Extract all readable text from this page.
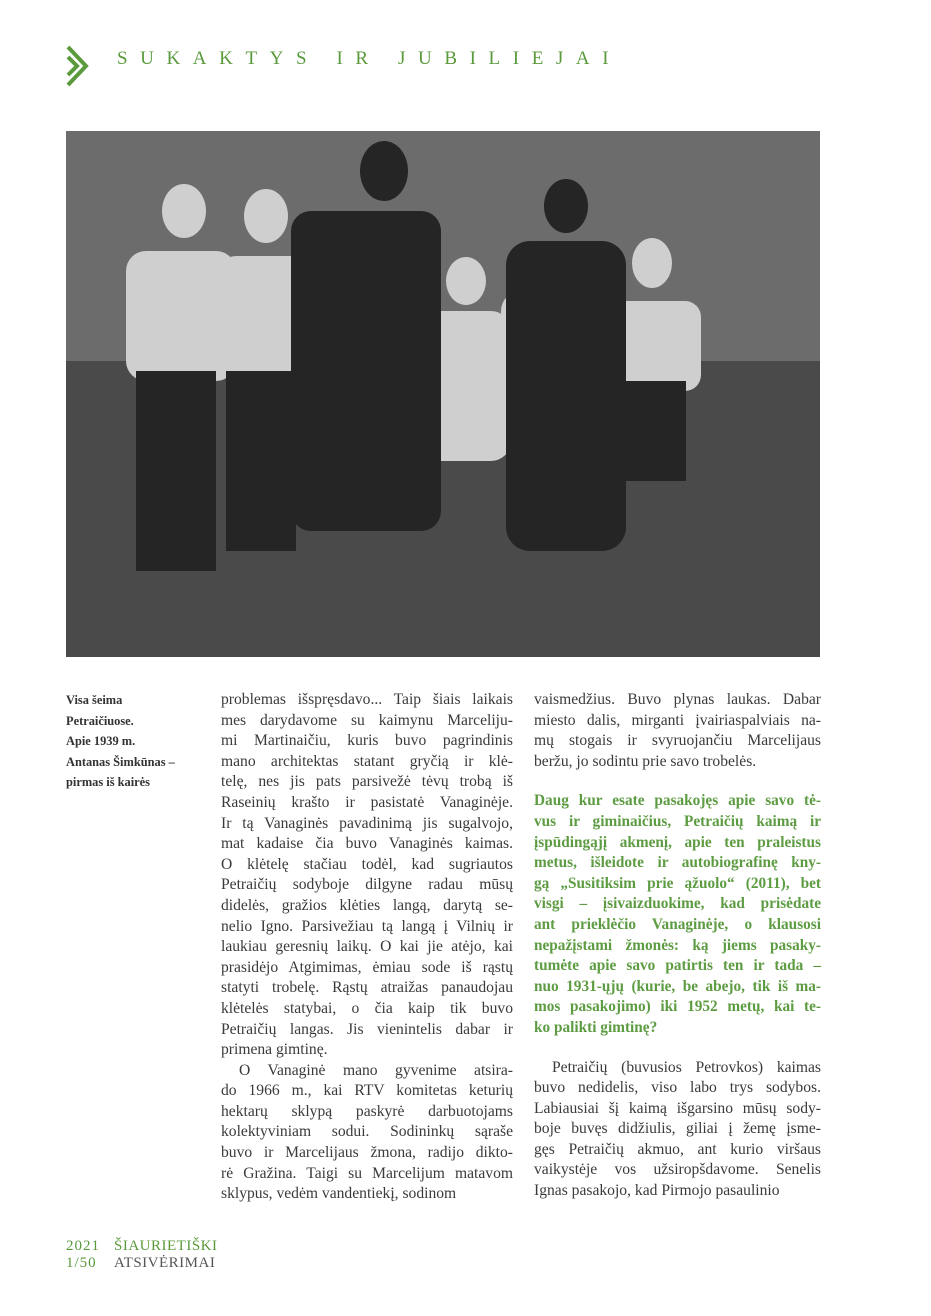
SUKAKTYS IR JUBILIEJAI
Visa šeima
Petraičiuose.
Apie 1939 m.
Antanas Šimkūnas –
pirmas iš kairės
problemas išspręsdavo... Taip šiais laikais
mes darydavome su kaimynu Marceliju-
mi Martinaičiu, kuris buvo pagrindinis
mano architektas statant gryčią ir klė-
telę, nes jis pats parsivežė tėvų trobą iš
Raseinių krašto ir pasistatė Vanaginėje.
Ir tą Vanaginės pavadinimą jis sugalvojo,
mat kadaise čia buvo Vanaginės kaimas.
O klėtelę stačiau todėl, kad sugriautos
Petraičių sodyboje dilgyne radau mūsų
didelės, gražios klėties langą, darytą se-
nelio Igno. Parsivežiau tą langą į Vilnių ir
laukiau geresnių laikų. O kai jie atėjo, kai
prasidėjo Atgimimas, ėmiau sode iš rąstų
statyti trobelę. Rąstų atraižas panaudojau
klėtelės statybai, o čia kaip tik buvo
Petraičių langas. Jis vienintelis dabar ir
primena gimtinę.
O Vanaginė mano gyvenime atsira-
do 1966 m., kai RTV komitetas keturių
hektarų sklypą paskyrė darbuotojams
kolektyviniam sodui. Sodininkų sąraše
buvo ir Marcelijaus žmona, radijo dikto-
rė Gražina. Taigi su Marcelijum matavom
sklypus, vedėm vandentiekį, sodinom
vaismedžius. Buvo plynas laukas. Dabar
miesto dalis, mirganti įvairiaspalviais na-
mų stogais ir svyruojančiu Marcelijaus
beržu, jo sodintu prie savo trobelės.
Daug kur esate pasakojęs apie savo tė-
vus ir giminaičius, Petraičių kaimą ir
įspūdingąjį akmenį, apie ten praleistus
metus, išleidote ir autobiografinę kny-
gą „Susitiksim prie ąžuolo“ (2011), bet
visgi – įsivaizduokime, kad prisėdate
ant prieklėčio Vanaginėje, o klausosi
nepažįstami žmonės: ką jiems pasaky-
tumėte apie savo patirtis ten ir tada –
nuo 1931-ųjų (kurie, be abejo, tik iš ma-
mos pasakojimo) iki 1952 metų, kai te-
ko palikti gimtinę?
Petraičių (buvusios Petrovkos) kaimas
buvo nedidelis, viso labo trys sodybos.
Labiausiai šį kaimą išgarsino mūsų sody-
boje buvęs didžiulis, giliai į žemę įsme-
gęs Petraičių akmuo, ant kurio viršaus
vaikystėje vos užsiropšdavome. Senelis
Ignas pasakojo, kad Pirmojo pasaulinio
2021 ŠIAURIETIŠKI
1/50 ATSIVĖRIMAI
